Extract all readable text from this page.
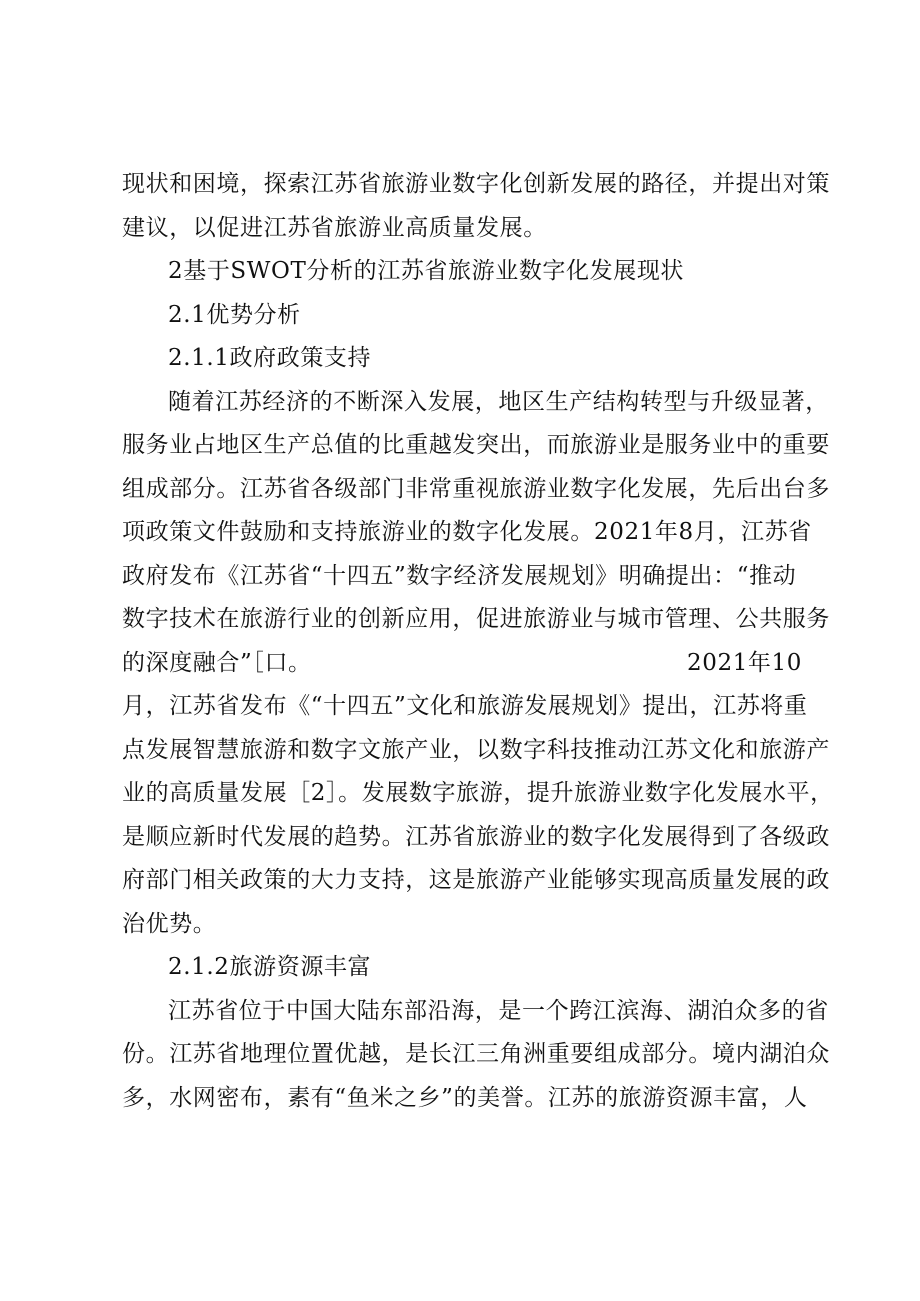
现状和困境，探索江苏省旅游业数字化创新发展的路径，并提出对策
建议，以促进江苏省旅游业高质量发展。
2基于SWOT分析的江苏省旅游业数字化发展现状
2.1优势分析
2.1.1政府政策支持
随着江苏经济的不断深入发展，地区生产结构转型与升级显著，
服务业占地区生产总值的比重越发突出，而旅游业是服务业中的重要
组成部分。江苏省各级部门非常重视旅游业数字化发展，先后出台多
项政策文件鼓励和支持旅游业的数字化发展。2021年8月，江苏省
政府发布《江苏省“十四五”数字经济发展规划》明确提出：“推动
数字技术在旅游行业的创新应用，促进旅游业与城市管理、公共服务
的深度融合”［口。	2021年10
月，江苏省发布《“十四五”文化和旅游发展规划》提出，江苏将重
点发展智慧旅游和数字文旅产业，以数字科技推动江苏文化和旅游产
业的高质量发展［2］。发展数字旅游，提升旅游业数字化发展水平，
是顺应新时代发展的趋势。江苏省旅游业的数字化发展得到了各级政
府部门相关政策的大力支持，这是旅游产业能够实现高质量发展的政
治优势。
2.1.2旅游资源丰富
江苏省位于中国大陆东部沿海，是一个跨江滨海、湖泊众多的省
份。江苏省地理位置优越，是长江三角洲重要组成部分。境内湖泊众
多，水网密布，素有“鱼米之乡”的美誉。江苏的旅游资源丰富，人
